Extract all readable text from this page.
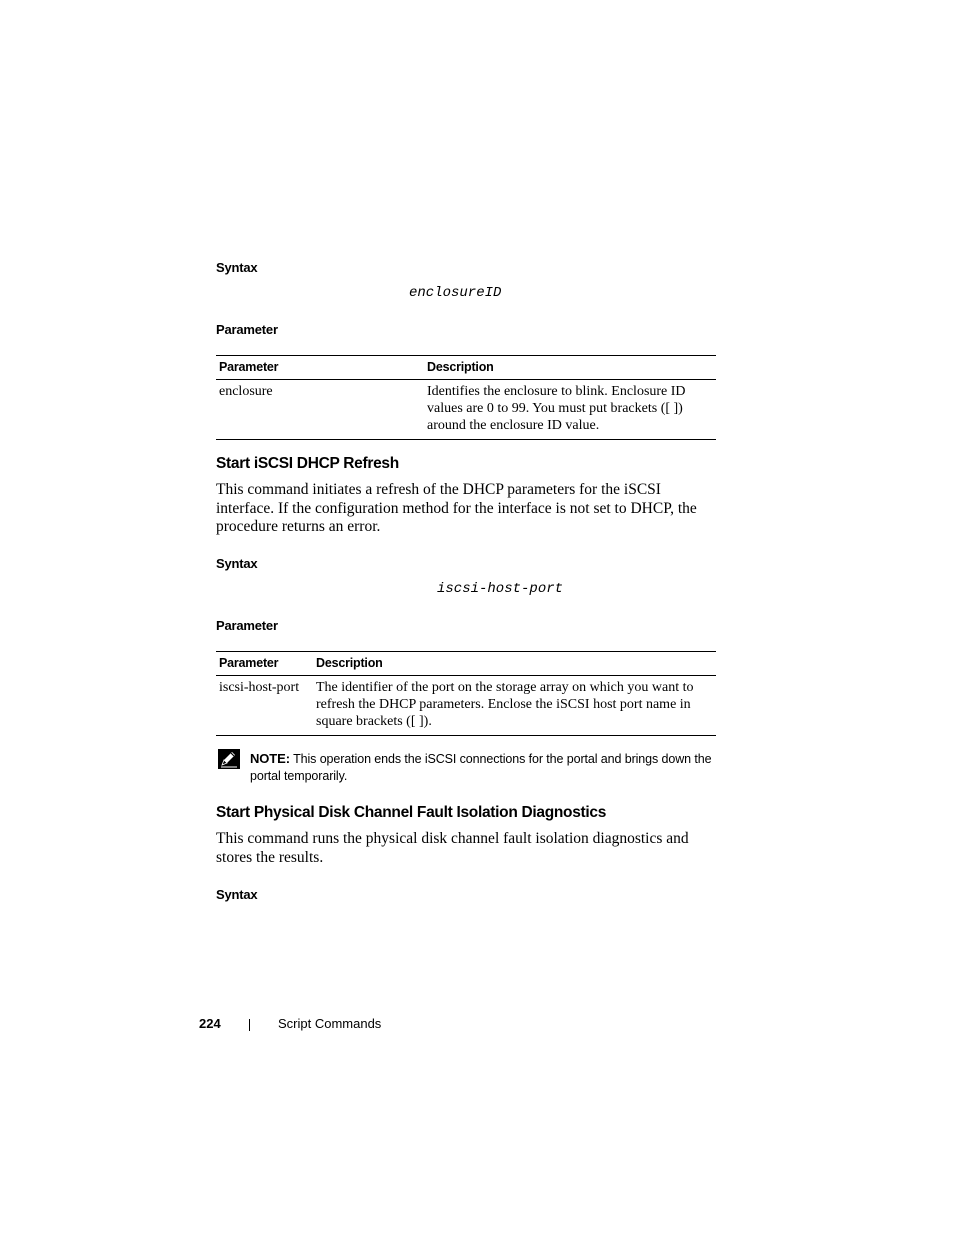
Syntax
enclosureID
Parameter
Parameter	Description
enclosure	Identifies the enclosure to blink. Enclosure ID values are 0 to 99. You must put brackets ([ ]) around the enclosure ID value.
Start iSCSI DHCP Refresh
This command initiates a refresh of the DHCP parameters for the iSCSI interface. If the configuration method for the interface is not set to DHCP, the procedure returns an error.
Syntax
iscsi-host-port
Parameter
Parameter	Description
iscsi-host-port	The identifier of the port on the storage array on which you want to refresh the DHCP parameters. Enclose the iSCSI host port name in square brackets ([ ]).
NOTE: This operation ends the iSCSI connections for the portal and brings down the portal temporarily.
Start Physical Disk Channel Fault Isolation Diagnostics
This command runs the physical disk channel fault isolation diagnostics and stores the results.
Syntax
224	Script Commands
